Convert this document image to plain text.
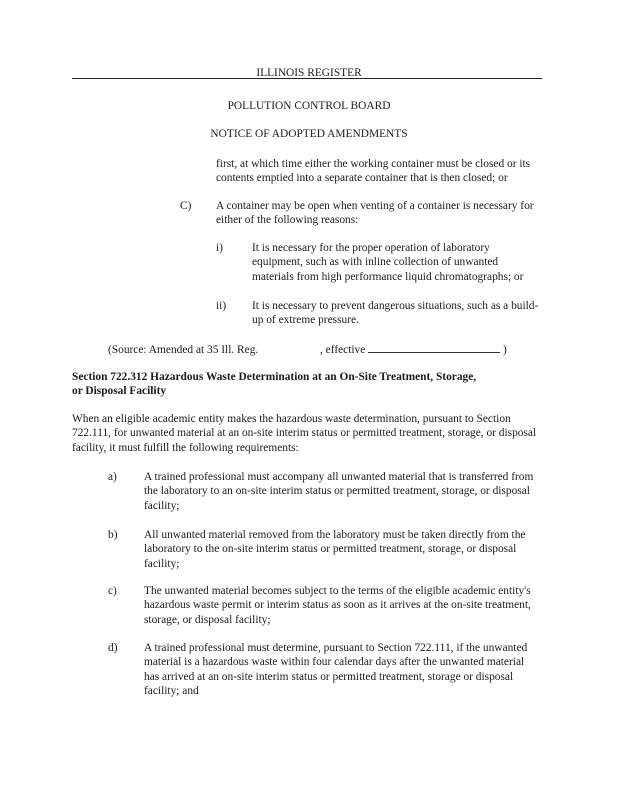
ILLINOIS REGISTER
POLLUTION CONTROL BOARD
NOTICE OF ADOPTED AMENDMENTS
first, at which time either the working container must be closed or its contents emptied into a separate container that is then closed; or
C) A container may be open when venting of a container is necessary for either of the following reasons:
i)	It is necessary for the proper operation of laboratory equipment, such as with inline collection of unwanted materials from high performance liquid chromatographs; or
ii) It is necessary to prevent dangerous situations, such as a build-up of extreme pressure.
(Source: Amended at 35 Ill. Reg.	, effective	)
Section 722.312 Hazardous Waste Determination at an On-Site Treatment, Storage, or Disposal Facility
When an eligible academic entity makes the hazardous waste determination, pursuant to Section 722.111, for unwanted material at an on-site interim status or permitted treatment, storage, or disposal facility, it must fulfill the following requirements:
a) A trained professional must accompany all unwanted material that is transferred from the laboratory to an on-site interim status or permitted treatment, storage, or disposal facility;
b) All unwanted material removed from the laboratory must be taken directly from the laboratory to the on-site interim status or permitted treatment, storage, or disposal facility;
c) The unwanted material becomes subject to the terms of the eligible academic entity's hazardous waste permit or interim status as soon as it arrives at the on-site treatment, storage, or disposal facility;
d) A trained professional must determine, pursuant to Section 722.111, if the unwanted material is a hazardous waste within four calendar days after the unwanted material has arrived at an on-site interim status or permitted treatment, storage or disposal facility; and
